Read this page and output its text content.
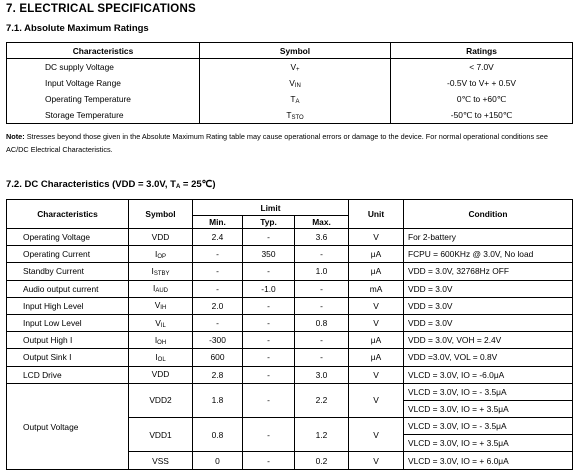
7. ELECTRICAL SPECIFICATIONS
7.1. Absolute Maximum Ratings
Characteristics	Symbol	Ratings
DC supply Voltage	$V_+$	< 7.0V
Input Voltage Range	$V_{IN}$	-0.5V to V+ + 0.5V
Operating Temperature	$T_A$	0℃ to +60℃
Storage Temperature	$T_{STO}$	-50℃ to +150℃
Note: Stresses beyond those given in the Absolute Maximum Rating table may cause operational errors or damage to the device. For normal operational conditions see AC/DC Electrical Characteristics.
7.2. DC Characteristics (VDD = 3.0V, $T_A$ = 25℃)
Characteristics	Symbol	Limit			Unit	Condition
		Min.	Typ.	Max.		
Operating Voltage	VDD	2.4	-	3.6	V	For 2-battery
Operating Current	$I_{OP}$	-	350	-	μA	FCPU = 600KHz @ 3.0V, No load
Standby Current	$I_{STBY}$	-	-	1.0	μA	VDD = 3.0V, 32768Hz OFF
Audio output current	$I_{AUD}$	-	-1.0	-	mA	VDD = 3.0V
Input High Level	$V_{IH}$	2.0	-	-	V	VDD = 3.0V
Input Low Level	$V_{IL}$	-	-	0.8	V	VDD = 3.0V
Output High I	$I_{OH}$	-300	-	-	μA	VDD = 3.0V, VOH = 2.4V
Output Sink I	$I_{OL}$	600	-	-	μA	VDD =3.0V, VOL = 0.8V
LCD Drive	VDD	2.8	-	3.0	V	VLCD = 3.0V, IO = -6.0μA
Output Voltage	VDD2	1.8	-	2.2	V	VLCD = 3.0V, IO = - 3.5μA
						VLCD = 3.0V, IO = + 3.5μA
	VDD1	0.8	-	1.2	V	VLCD = 3.0V, IO = - 3.5μA
						VLCD = 3.0V, IO = + 3.5μA
	VSS	0	-	0.2	V	VLCD = 3.0V, IO = + 6.0μA
